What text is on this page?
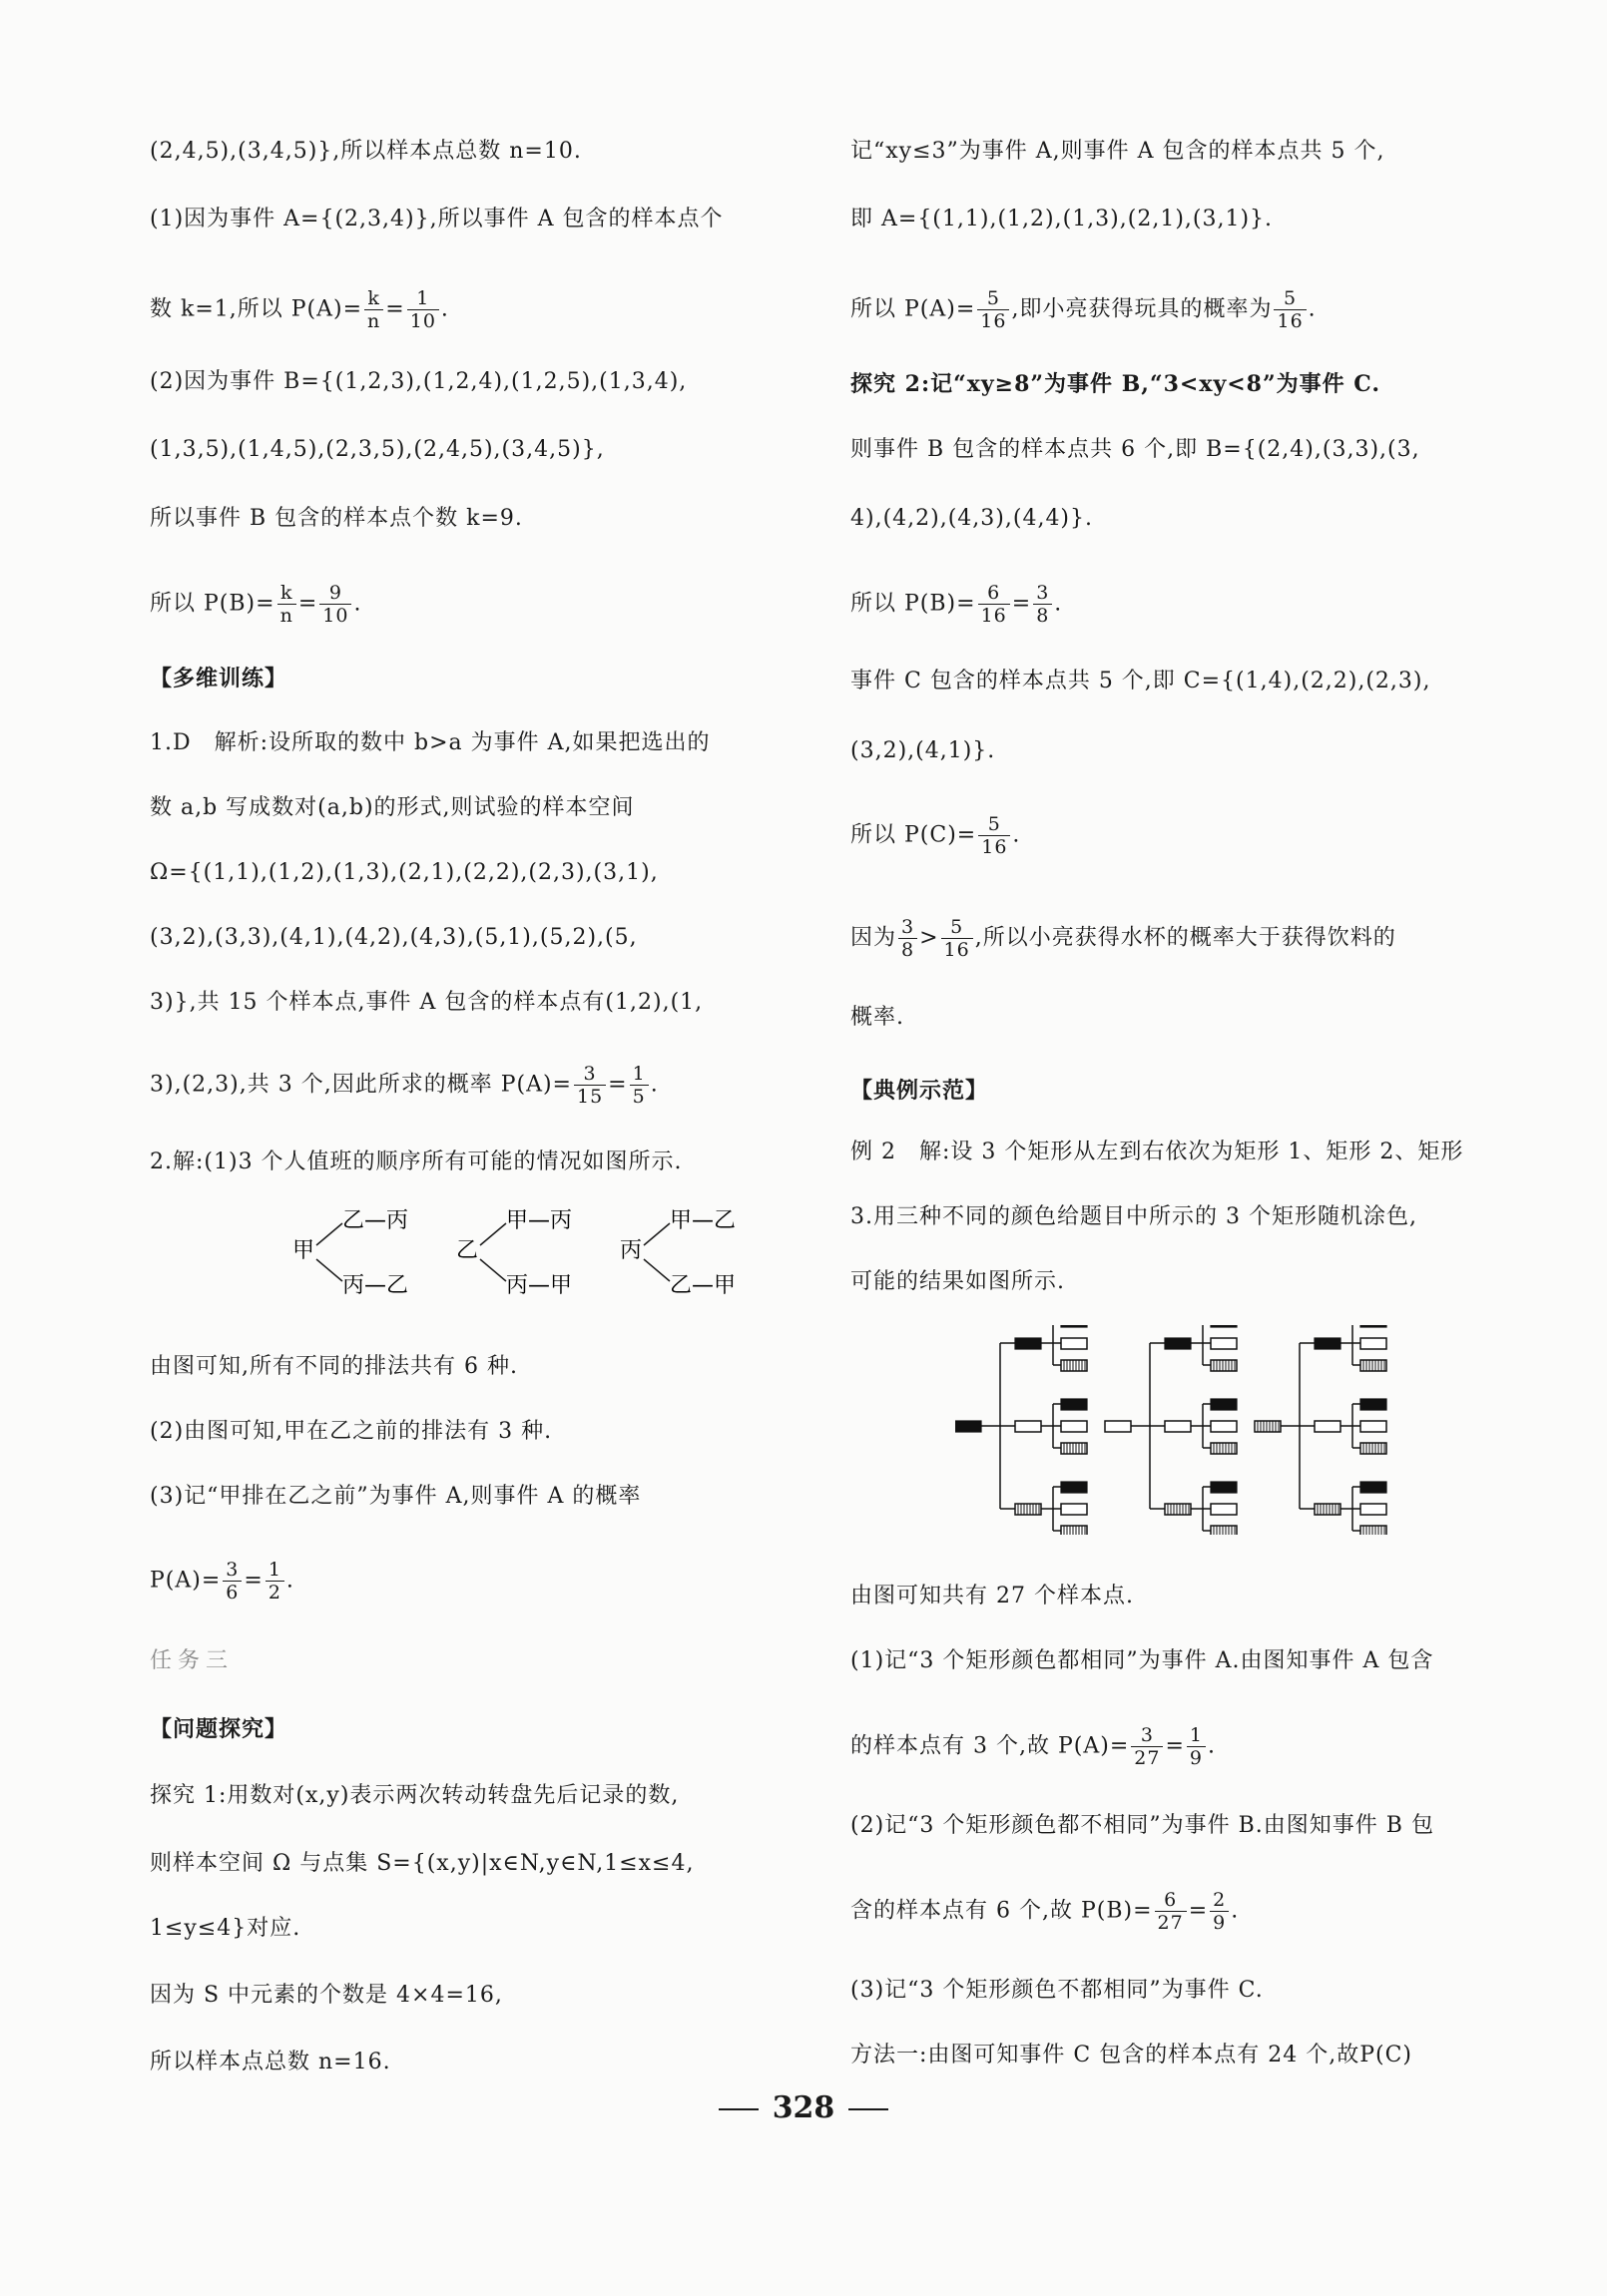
(2,4,5),(3,4,5)},所以样本点总数 n=10.
(1)因为事件 A={(2,3,4)},所以事件 A 包含的样本点个
数 k=1,所以 $P(A)= \frac{k}{n} = \frac{1}{10}$ .
(2)因为事件 B={(1,2,3),(1,2,4),(1,2,5),(1,3,4),
(1,3,5),(1,4,5),(2,3,5),(2,4,5),(3,4,5)},
所以事件 B 包含的样本点个数 k=9.
所以 $P(B)= \frac{k}{n} = \frac{9}{10}$ .
【多维训练】
1.D　解析:设所取的数中 b>a 为事件 A,如果把选出的
数 a,b 写成数对(a,b)的形式,则试验的样本空间
Ω={(1,1),(1,2),(1,3),(2,1),(2,2),(2,3),(3,1),
(3,2),(3,3),(4,1),(4,2),(4,3),(5,1),(5,2),(5,
3)},共 15 个样本点,事件 A 包含的样本点有(1,2),(1,
3),(2,3),共 3 个,因此所求的概率 $P(A)= \frac{3}{15} = \frac{1}{5}$ .
2.解:(1)3 个人值班的顺序所有可能的情况如图所示.
甲
乙—丙
丙—乙
乙
甲—丙
丙—甲
丙
甲—乙
乙—甲
由图可知,所有不同的排法共有 6 种.
(2)由图可知,甲在乙之前的排法有 3 种.
(3)记“甲排在乙之前”为事件 A,则事件 A 的概率
$P(A)= \frac{3}{6} = \frac{1}{2}$ .
任务三
【问题探究】
探究 1:用数对(x,y)表示两次转动转盘先后记录的数,
则样本空间 Ω 与点集 S={(x,y)|x∈N,y∈N,1≤x≤4,
1≤y≤4}对应.
因为 S 中元素的个数是 4×4=16,
所以样本点总数 n=16.
记“xy≤3”为事件 A,则事件 A 包含的样本点共 5 个,
即 A={(1,1),(1,2),(1,3),(2,1),(3,1)}.
所以 $P(A)= \frac{5}{16}$ ,即小亮获得玩具的概率为 $\frac{5}{16}$ .
探究 2:记“xy≥8”为事件 B,“3<xy<8”为事件 C.
则事件 B 包含的样本点共 6 个,即 B={(2,4),(3,3),(3,
4),(4,2),(4,3),(4,4)}.
所以 $P(B)= \frac{6}{16} = \frac{3}{8}$ .
事件 C 包含的样本点共 5 个,即 C={(1,4),(2,2),(2,3),
(3,2),(4,1)}.
所以 $P(C)= \frac{5}{16}$ .
因为 $\frac{3}{8} > \frac{5}{16}$ ,所以小亮获得水杯的概率大于获得饮料的
概率.
【典例示范】
例 2　解:设 3 个矩形从左到右依次为矩形 1、矩形 2、矩形
3.用三种不同的颜色给题目中所示的 3 个矩形随机涂色,
可能的结果如图所示.
由图可知共有 27 个样本点.
(1)记“3 个矩形颜色都相同”为事件 A.由图知事件 A 包含
的样本点有 3 个,故 $P(A)= \frac{3}{27} = \frac{1}{9}$ .
(2)记“3 个矩形颜色都不相同”为事件 B.由图知事件 B 包
含的样本点有 6 个,故 $P(B)= \frac{6}{27} = \frac{2}{9}$ .
(3)记“3 个矩形颜色不都相同”为事件 C.
方法一:由图可知事件 C 包含的样本点有 24 个,故P(C)
328
